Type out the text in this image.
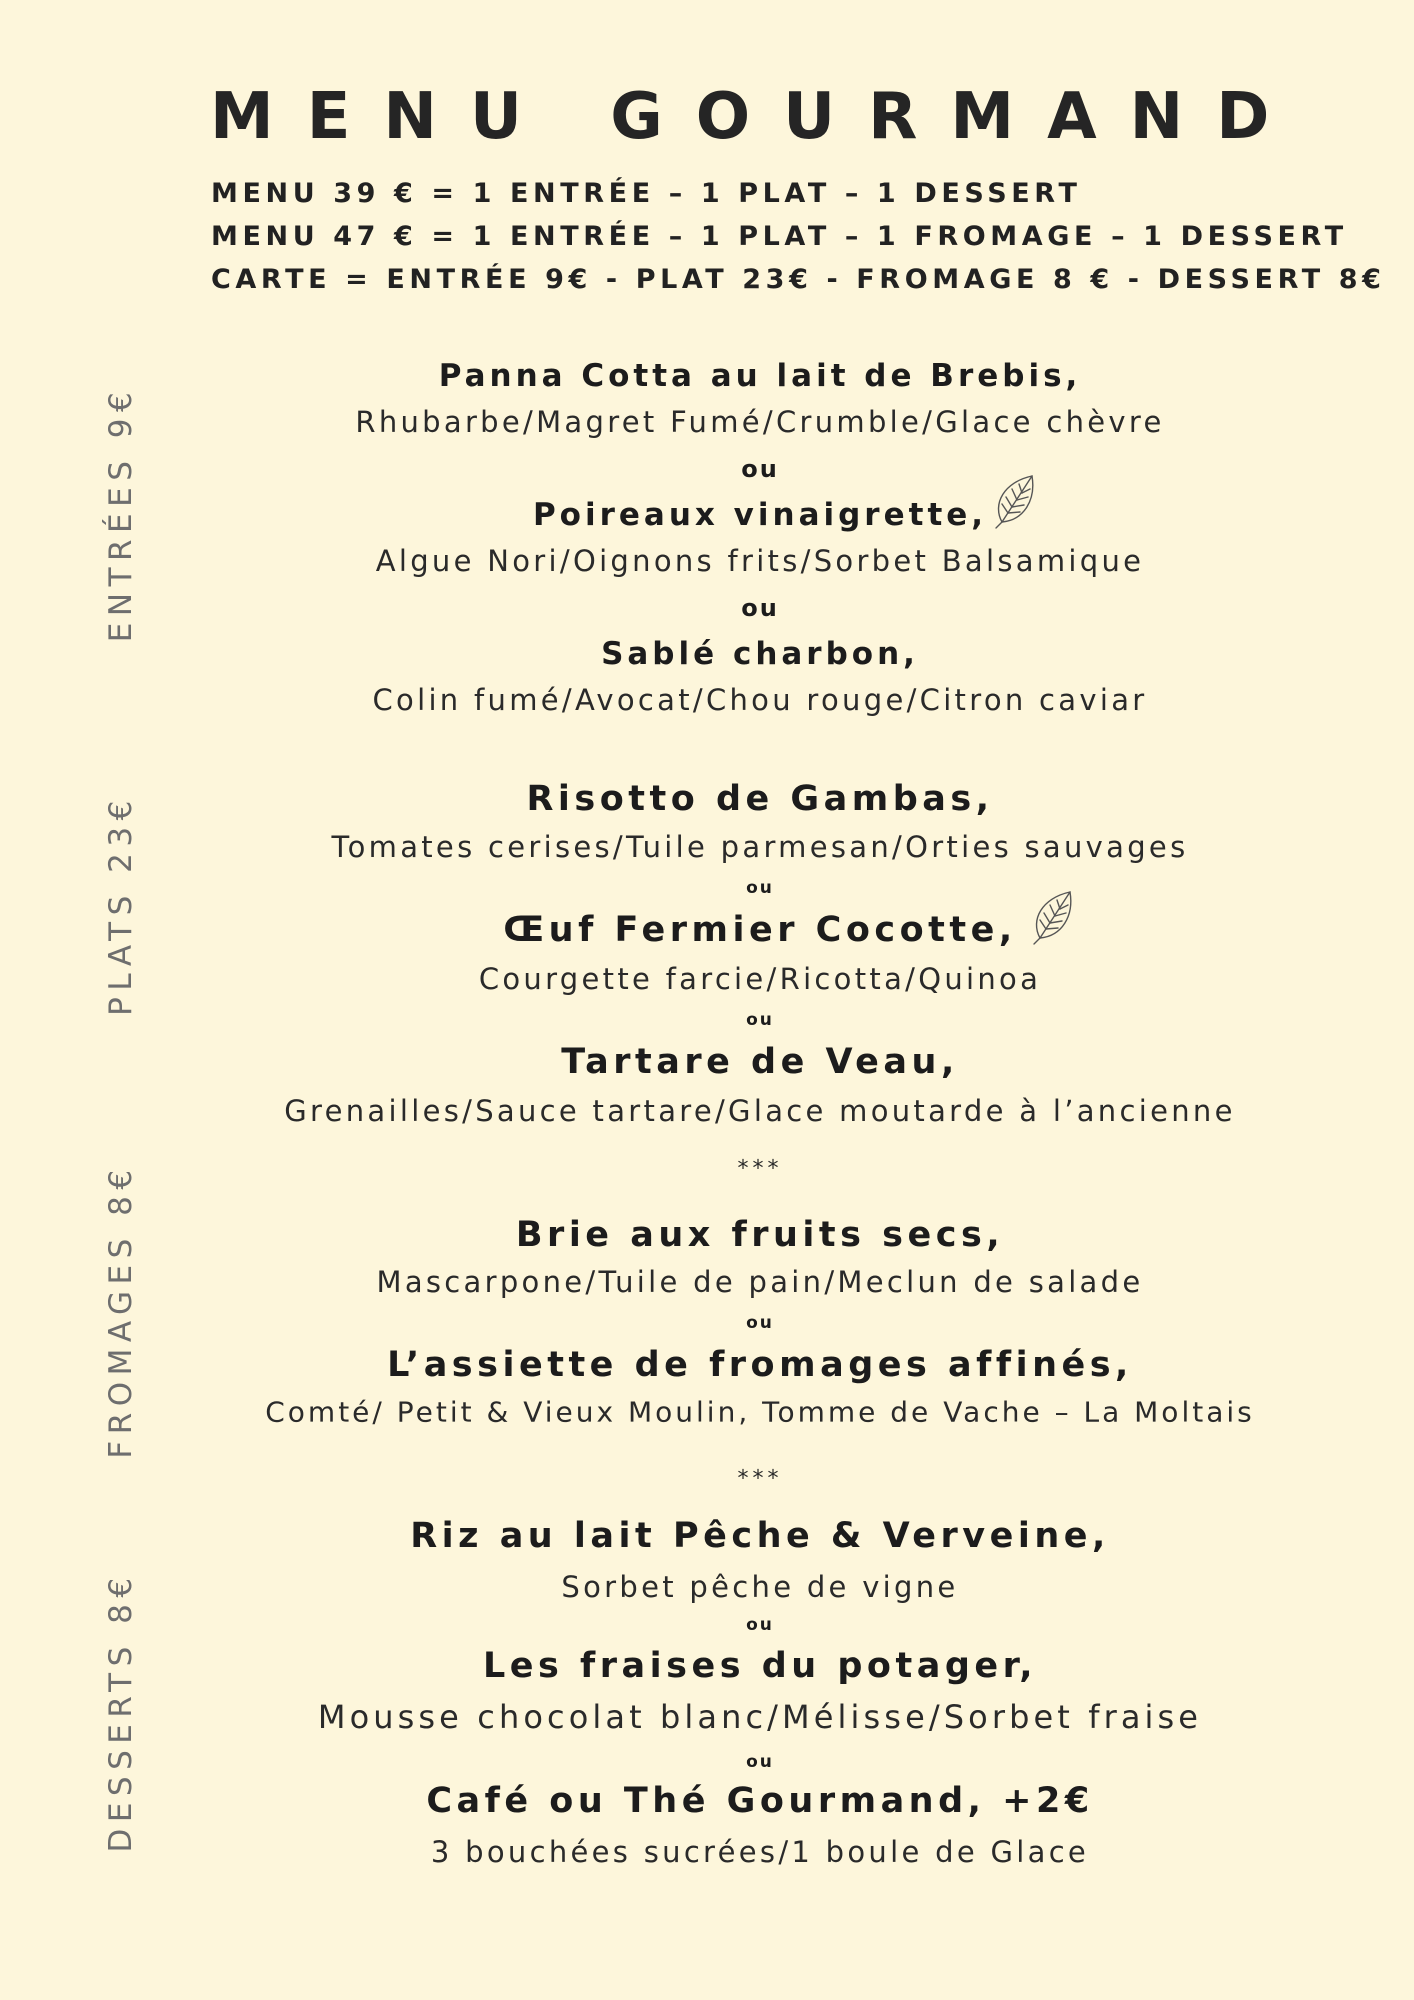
MENU GOURMAND
MENU 39 € = 1 ENTRÉE – 1 PLAT – 1 DESSERT
MENU 47 € = 1 ENTRÉE – 1 PLAT – 1 FROMAGE – 1 DESSERT
CARTE = ENTRÉE 9€ - PLAT 23€ - FROMAGE 8 € - DESSERT 8€
ENTRÉES 9€
PLATS 23€
FROMAGES 8€
DESSERTS 8€
Panna Cotta au lait de Brebis,
Rhubarbe/Magret Fumé/Crumble/Glace chèvre
ou
Poireaux vinaigrette,
Algue Nori/Oignons frits/Sorbet Balsamique
ou
Sablé charbon,
Colin fumé/Avocat/Chou rouge/Citron caviar
Risotto de Gambas,
Tomates cerises/Tuile parmesan/Orties sauvages
ou
Œuf Fermier Cocotte,
Courgette farcie/Ricotta/Quinoa
ou
Tartare de Veau,
Grenailles/Sauce tartare/Glace moutarde à l’ancienne
***
Brie aux fruits secs,
Mascarpone/Tuile de pain/Meclun de salade
ou
L’assiette de fromages affinés,
Comté/ Petit & Vieux Moulin, Tomme de Vache – La Moltais
***
Riz au lait Pêche & Verveine,
Sorbet pêche de vigne
ou
Les fraises du potager,
Mousse chocolat blanc/Mélisse/Sorbet fraise
ou
Café ou Thé Gourmand, +2€
3 bouchées sucrées/1 boule de Glace
